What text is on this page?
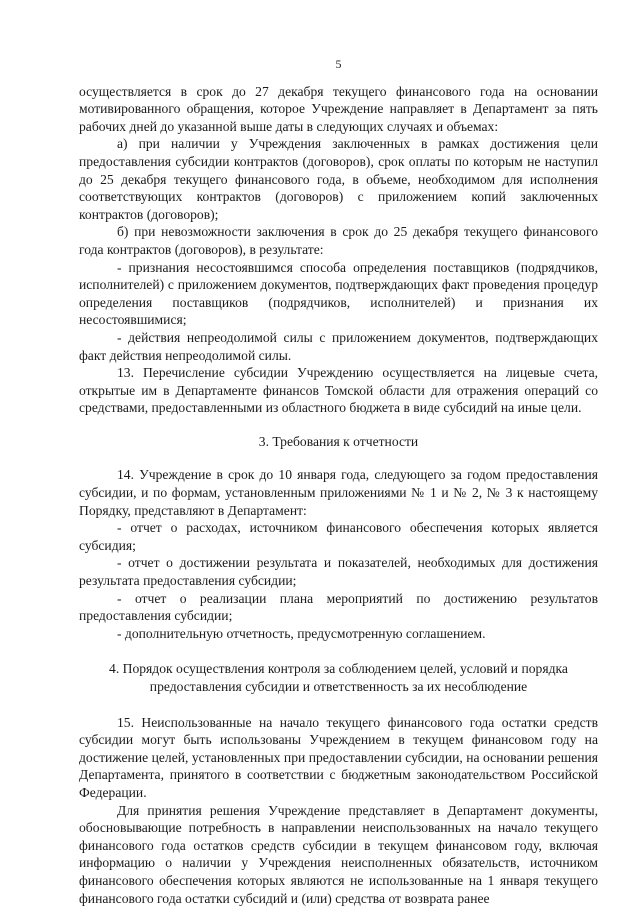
5

осуществляется в срок до 27 декабря текущего финансового года на основании мотивированного обращения, которое Учреждение направляет в Департамент за пять рабочих дней до указанной выше даты в следующих случаях и объемах:

а) при наличии у Учреждения заключенных в рамках достижения цели предоставления субсидии контрактов (договоров), срок оплаты по которым не наступил до 25 декабря текущего финансового года, в объеме, необходимом для исполнения соответствующих контрактов (договоров) с приложением копий заключенных контрактов (договоров);

б) при невозможности заключения в срок до 25 декабря текущего финансового года контрактов (договоров), в результате:

- признания несостоявшимся способа определения поставщиков (подрядчиков, исполнителей) с приложением документов, подтверждающих факт проведения процедур определения поставщиков (подрядчиков, исполнителей) и признания их несостоявшимися;

- действия непреодолимой силы с приложением документов, подтверждающих факт действия непреодолимой силы.

13. Перечисление субсидии Учреждению осуществляется на лицевые счета, открытые им в Департаменте финансов Томской области для отражения операций со средствами, предоставленными из областного бюджета в виде субсидий на иные цели.

3. Требования к отчетности

14. Учреждение в срок до 10 января года, следующего за годом предоставления субсидии, и по формам, установленным приложениями № 1 и № 2, № 3 к настоящему Порядку, представляют в Департамент:

- отчет о расходах, источником финансового обеспечения которых является субсидия;

- отчет о достижении результата и показателей, необходимых для достижения результата предоставления субсидии;

- отчет о реализации плана мероприятий по достижению результатов предоставления субсидии;

- дополнительную отчетность, предусмотренную соглашением.

4. Порядок осуществления контроля за соблюдением целей, условий и порядка

предоставления субсидии и ответственность за их несоблюдение

15. Неиспользованные на начало текущего финансового года остатки средств субсидии могут быть использованы Учреждением в текущем финансовом году на достижение целей, установленных при предоставлении субсидии, на основании решения Департамента, принятого в соответствии с бюджетным законодательством Российской Федерации.

Для принятия решения Учреждение представляет в Департамент документы, обосновывающие потребность в направлении неиспользованных на начало текущего финансового года остатков средств субсидии в текущем финансовом году, включая информацию о наличии у Учреждения неисполненных обязательств, источником финансового обеспечения которых являются не использованные на 1 января текущего финансового года остатки субсидий и (или) средства от возврата ранее
